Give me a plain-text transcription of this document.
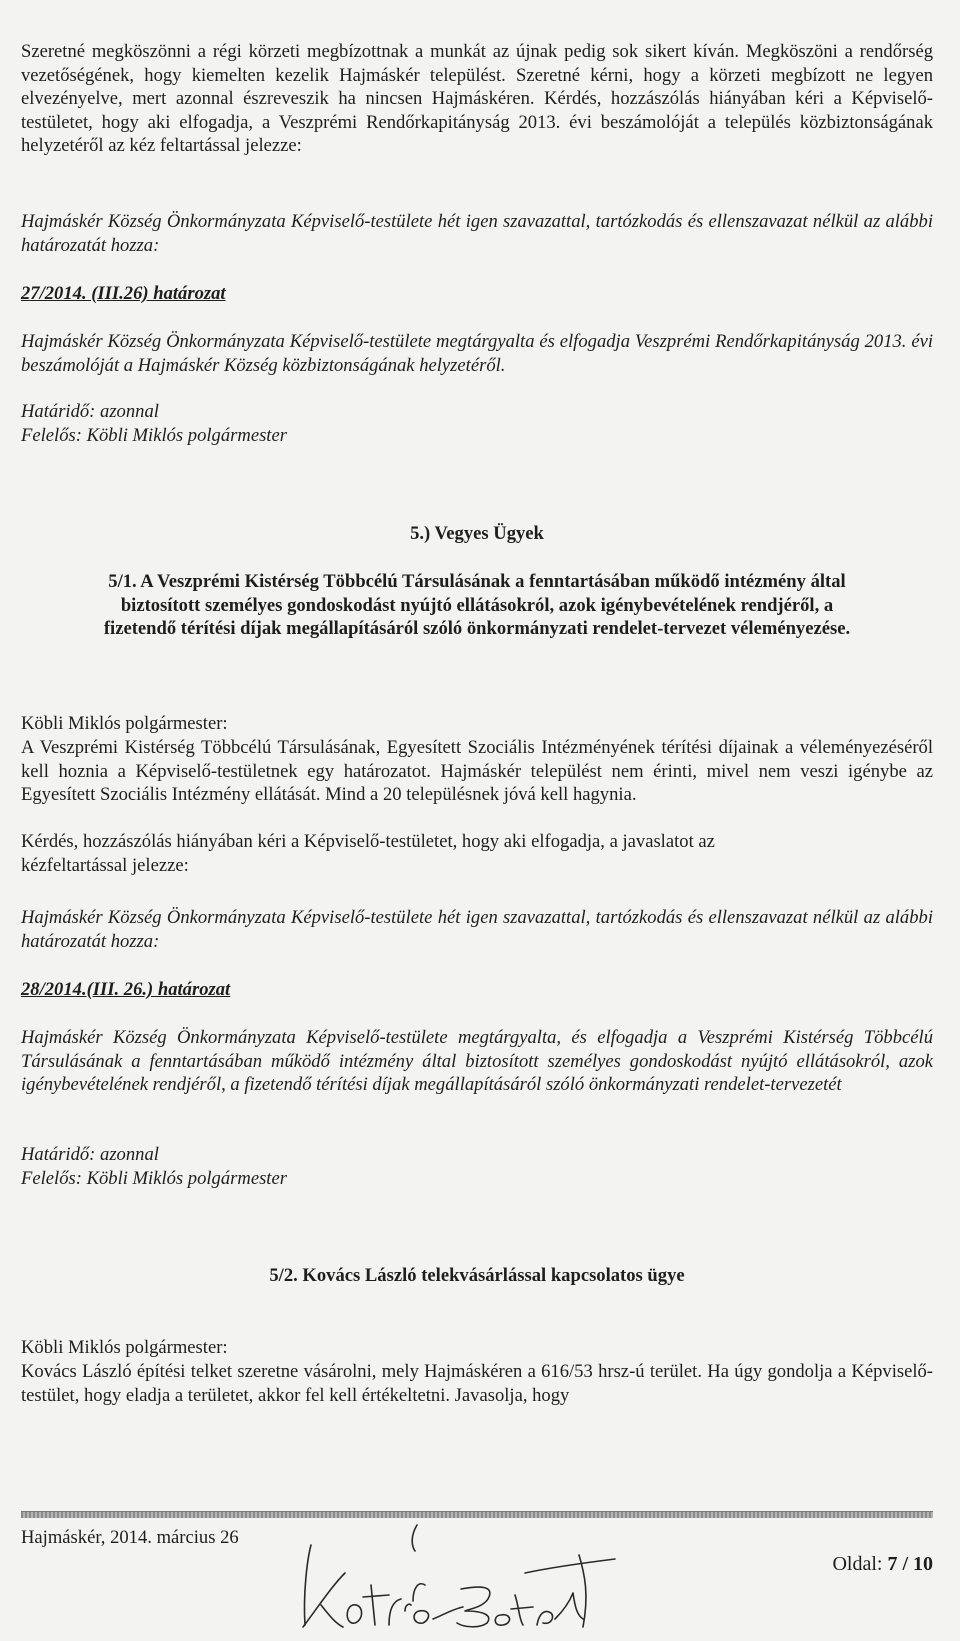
Szeretné megköszönni a régi körzeti megbízottnak a munkát az újnak pedig sok sikert kíván. Megköszöni a rendőrség vezetőségének, hogy kiemelten kezelik Hajmáskér települést. Szeretné kérni, hogy a körzeti megbízott ne legyen elvezényelve, mert azonnal észreveszik ha nincsen Hajmáskéren. Kérdés, hozzászólás hiányában kéri a Képviselő-testületet, hogy aki elfogadja, a Veszprémi Rendőrkapitányság 2013. évi beszámolóját a település közbiztonságának helyzetéről az kéz feltartással jelezze:
Hajmáskér Község Önkormányzata Képviselő-testülete hét igen szavazattal, tartózkodás és ellenszavazat nélkül az alábbi határozatát hozza:
27/2014. (III.26) határozat
Hajmáskér Község Önkormányzata Képviselő-testülete megtárgyalta és elfogadja Veszprémi Rendőrkapitányság 2013. évi beszámolóját a Hajmáskér Község közbiztonságának helyzetéről.
Határidő: azonnal
Felelős: Köbli Miklós polgármester
5.) Vegyes Ügyek
5/1. A Veszprémi Kistérség Többcélú Társulásának a fenntartásában működő intézmény által biztosított személyes gondoskodást nyújtó ellátásokról, azok igénybevételének rendjéről, a fizetendő térítési díjak megállapításáról szóló önkormányzati rendelet-tervezet véleményezése.
Köbli Miklós polgármester:
A Veszprémi Kistérség Többcélú Társulásának, Egyesített Szociális Intézményének térítési díjainak a véleményezéséről kell hoznia a Képviselő-testületnek egy határozatot. Hajmáskér települést nem érinti, mivel nem veszi igénybe az Egyesített Szociális Intézmény ellátását. Mind a 20 településnek jóvá kell hagynia.
Kérdés, hozzászólás hiányában kéri a Képviselő-testületet, hogy aki elfogadja, a javaslatot az kézfeltartással jelezze:
Hajmáskér Község Önkormányzata Képviselő-testülete hét igen szavazattal, tartózkodás és ellenszavazat nélkül az alábbi határozatát hozza:
28/2014.(III. 26.) határozat
Hajmáskér Község Önkormányzata Képviselő-testülete megtárgyalta, és elfogadja a Veszprémi Kistérség Többcélú Társulásának a fenntartásában működő intézmény által biztosított személyes gondoskodást nyújtó ellátásokról, azok igénybevételének rendjéről, a fizetendő térítési díjak megállapításáról szóló önkormányzati rendelet-tervezetét
Határidő: azonnal
Felelős: Köbli Miklós polgármester
5/2. Kovács László telekvásárlással kapcsolatos ügye
Köbli Miklós polgármester:
Kovács László építési telket szeretne vásárolni, mely Hajmáskéren a 616/53 hrsz-ú terület. Ha úgy gondolja a Képviselő-testület, hogy eladja a területet, akkor fel kell értékeltetni. Javasolja, hogy
Hajmáskér, 2014. március 26
Oldal: 7 / 10
